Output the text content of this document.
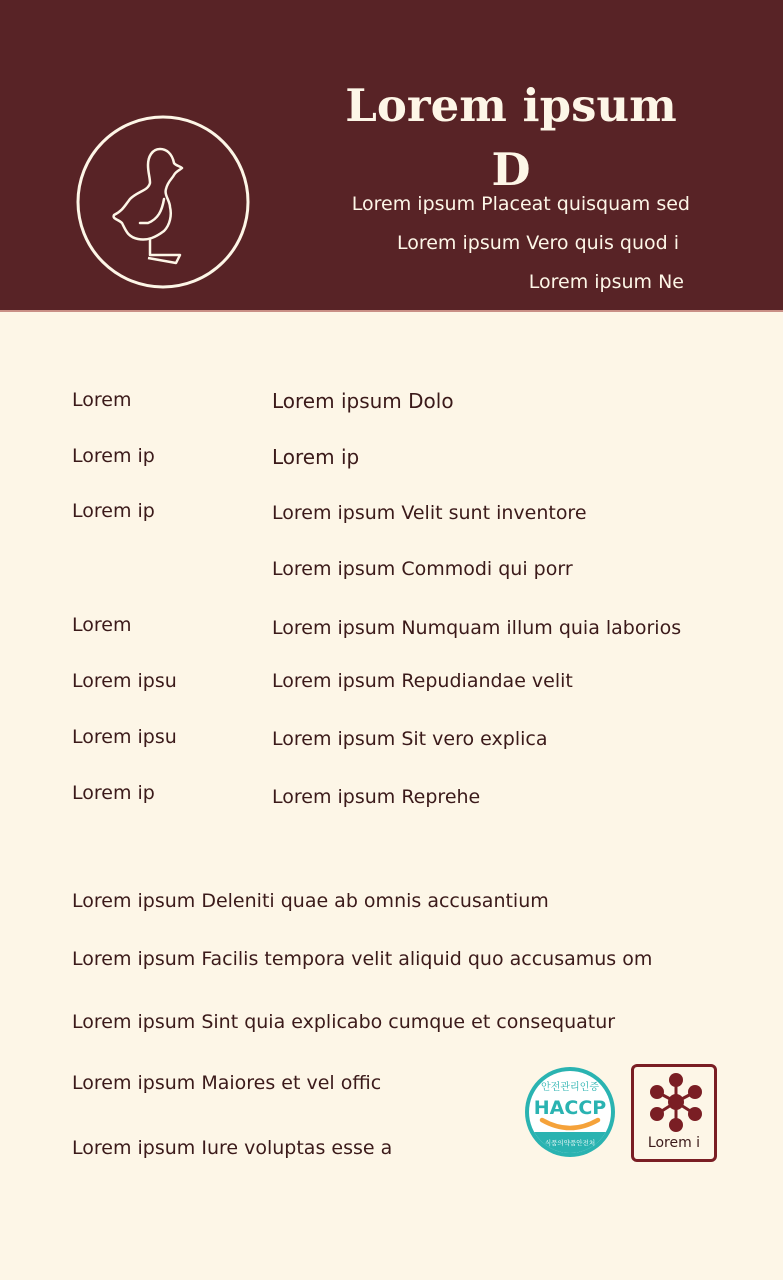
Lorem ipsum
D
Lorem ipsum Placeat quisquam sed
Lorem ipsum Vero quis quod i
Lorem ipsum Ne
Lorem
Lorem ip
Lorem ip
Lorem
Lorem ipsu
Lorem ipsu
Lorem ip
Lorem ipsum Dolo
Lorem ip
Lorem ipsum Velit sunt inventore
Lorem ipsum Commodi qui porr
Lorem ipsum Numquam illum quia laborios
Lorem ipsum Repudiandae velit
Lorem ipsum Sit vero explica
Lorem ipsum Reprehe
Lorem ipsum Deleniti quae ab omnis accusantium
Lorem ipsum Facilis tempora velit aliquid quo accusamus om
Lorem ipsum Sint quia explicabo cumque et consequatur
Lorem ipsum Maiores et vel offic
Lorem ipsum Iure voluptas esse a
안전관리인증
HACCP
식품의약품안전처	Lorem i
